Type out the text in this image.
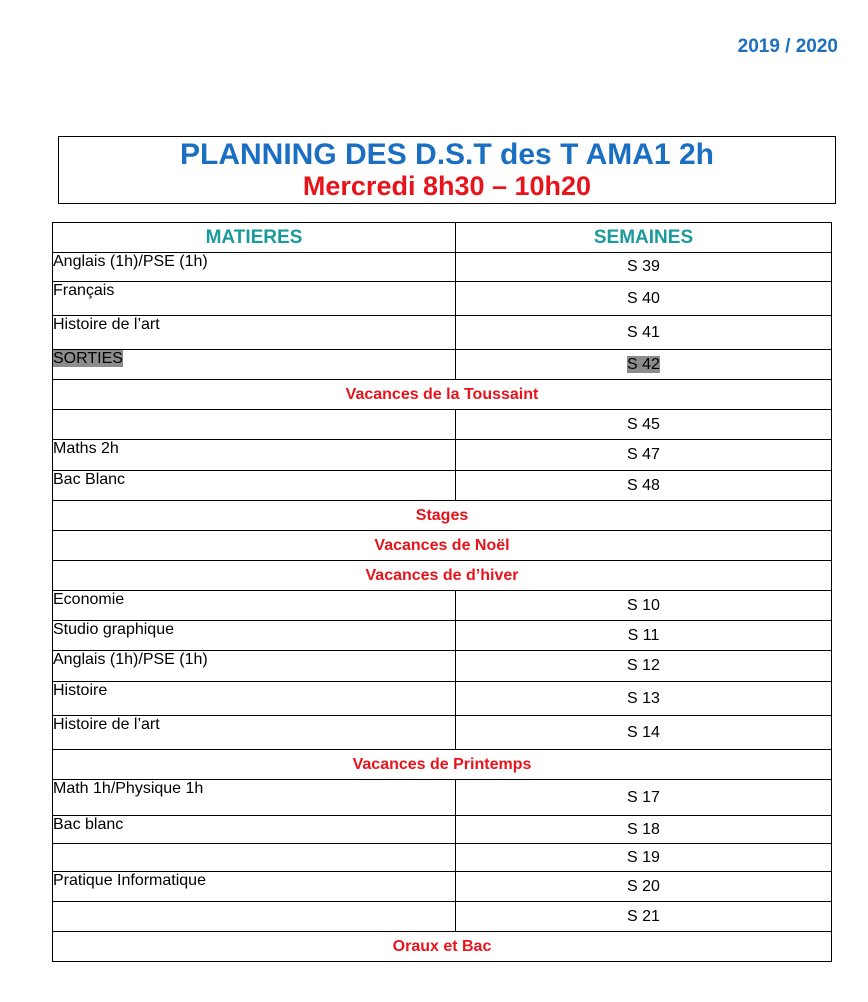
2019 / 2020
PLANNING DES D.S.T des T AMA1 2h
Mercredi 8h30 – 10h20
MATIERES	SEMAINES
Anglais (1h)/PSE (1h)	S 39
Français	S 40
Histoire de l’art	S 41
SORTIES	S 42
Vacances de la Toussaint	
	S 45
Maths 2h	S 47
Bac Blanc	S 48
Stages	
Vacances de Noël	
Vacances de d’hiver	
Economie	S 10
Studio graphique	S 11
Anglais (1h)/PSE (1h)	S 12
Histoire	S 13
Histoire de l’art	S 14
Vacances de Printemps	
Math 1h/Physique 1h	S 17
Bac blanc	S 18
	S 19
Pratique Informatique	S 20
	S 21
Oraux et Bac	
